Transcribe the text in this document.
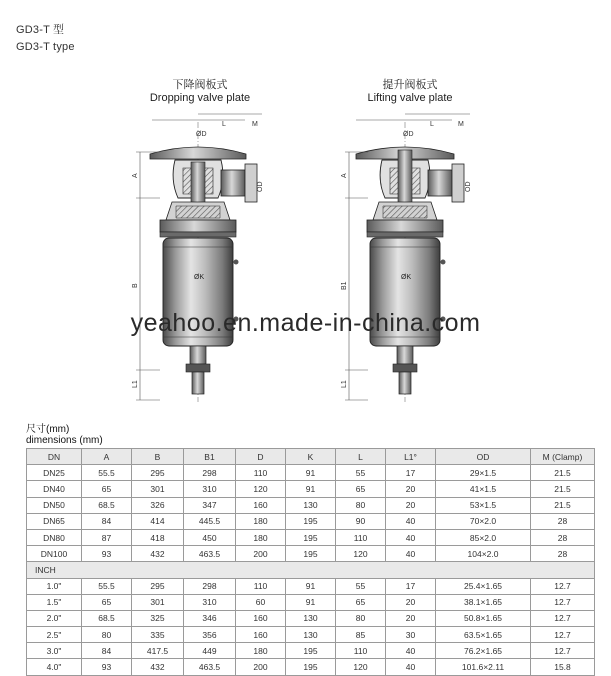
GD3-T 型
GD3-T type
下降阀板式
Dropping valve plate
提升阀板式
Lifting valve plate
ØD
L	M
OD
ØK
A
B
L1
ØD
L	M
OD
ØK
A
B1
L1
yeahoo.en.made-in-china.com
尺寸(mm)
dimensions (mm)
DN	A	B	B1	D	K	L	L1°	OD	M (Clamp)
DN25	55.5	295	298	110	91	55	17	29×1.5	21.5
DN40	65	301	310	120	91	65	20	41×1.5	21.5
DN50	68.5	326	347	160	130	80	20	53×1.5	21.5
DN65	84	414	445.5	180	195	90	40	70×2.0	28
DN80	87	418	450	180	195	110	40	85×2.0	28
DN100	93	432	463.5	200	195	120	40	104×2.0	28
INCH									
1.0"	55.5	295	298	110	91	55	17	25.4×1.65	12.7
1.5"	65	301	310	60	91	65	20	38.1×1.65	12.7
2.0"	68.5	325	346	160	130	80	20	50.8×1.65	12.7
2.5"	80	335	356	160	130	85	30	63.5×1.65	12.7
3.0"	84	417.5	449	180	195	110	40	76.2×1.65	12.7
4.0"	93	432	463.5	200	195	120	40	101.6×2.11	15.8
